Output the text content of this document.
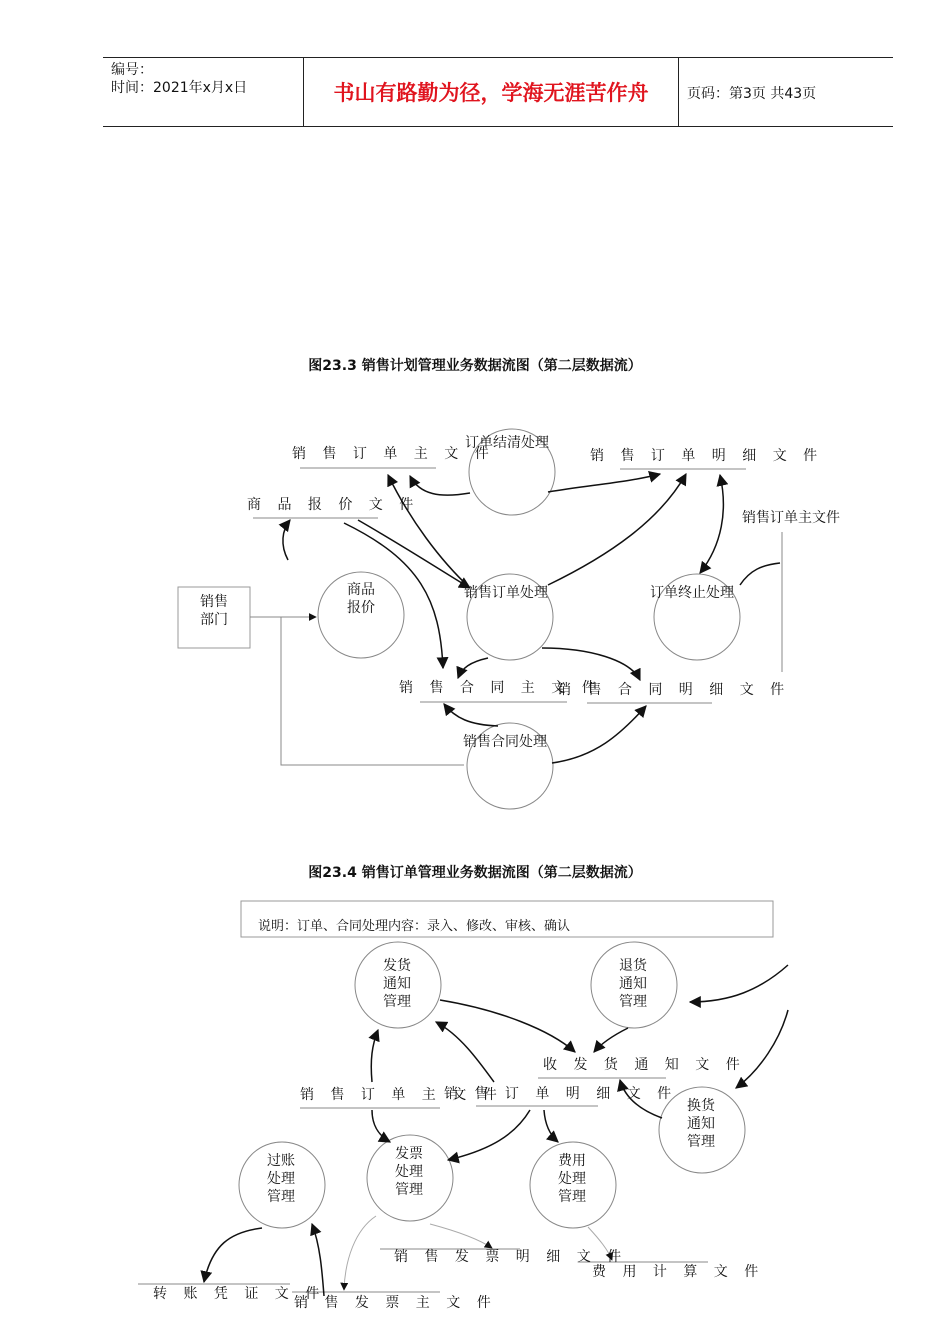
编号：
时间：2021年x月x日	书山有路勤为径，学海无涯苦作舟	页码：第3页 共43页
图23.3 销售计划管理业务数据流图（第二层数据流）
图23.4 销售订单管理业务数据流图（第二层数据流）
销售
部门
商品
报价
订单结清处理
销售订单处理	订单终止处理
销售合同处理
销 售 订 单 主 文 件	销 售 订 单 明 细 文 件
商 品 报 价 文 件
销售订单主文件
销 售 合 同 主 文 件
销 售 合 同 明 细 文 件
说明：订单、合同处理内容：录入、修改、审核、确认
发货
通知
管理
退货
通知
管理
换货
通知
管理
过账
处理
管理
发票
处理
管理
费用
处理
管理
收 发 货 通 知 文 件
销 售 订 单 主 文 件
销 售 订 单 明 细 文 件
销 售 发 票 明 细 文 件
费 用 计 算 文 件
转 账 凭 证 文 件
销 售 发 票 主 文 件
